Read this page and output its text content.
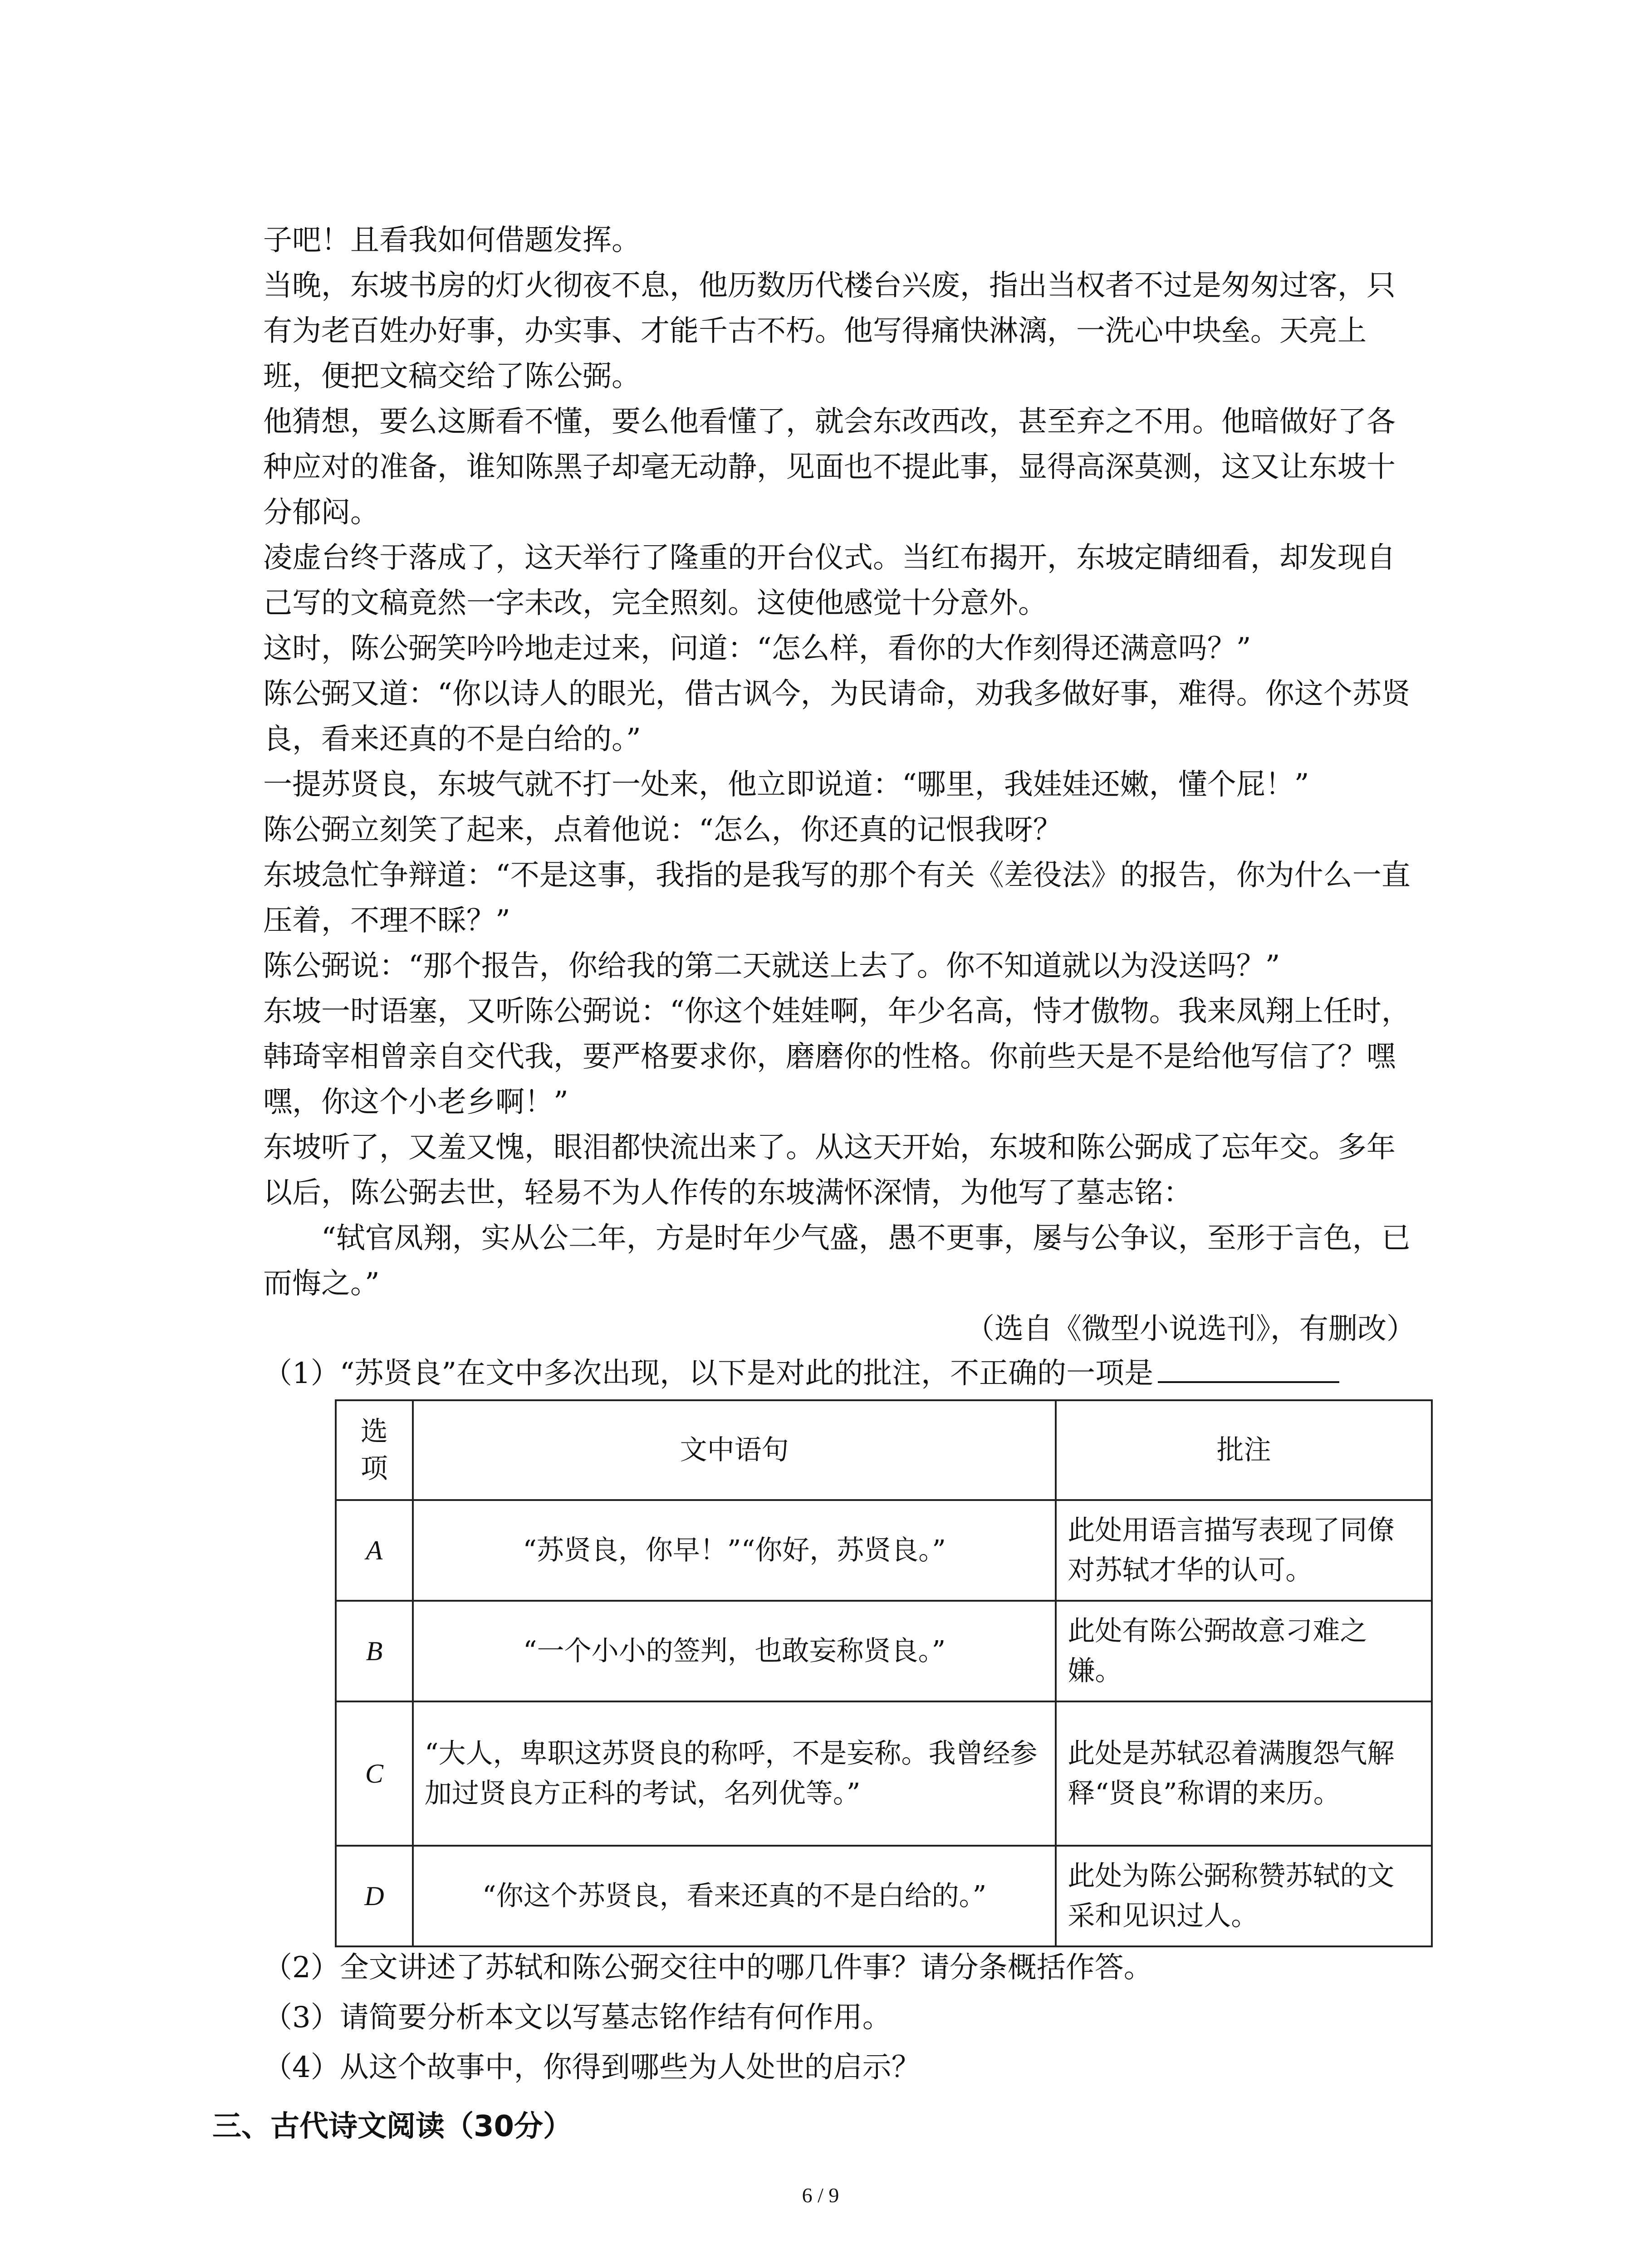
子吧！且看我如何借题发挥。

当晚，东坡书房的灯火彻夜不息，他历数历代楼台兴废，指出当权者不过是匆匆过客，只有为老百姓办好事，办实事、才能千古不朽。他写得痛快淋漓，一洗心中块垒。天亮上班，便把文稿交给了陈公弼。

他猜想，要么这厮看不懂，要么他看懂了，就会东改西改，甚至弃之不用。他暗做好了各种应对的准备，谁知陈黑子却毫无动静，见面也不提此事，显得高深莫测，这又让东坡十分郁闷。

凌虚台终于落成了，这天举行了隆重的开台仪式。当红布揭开，东坡定睛细看，却发现自己写的文稿竟然一字未改，完全照刻。这使他感觉十分意外。

这时，陈公弼笑吟吟地走过来，问道：“怎么样，看你的大作刻得还满意吗？”

陈公弼又道：“你以诗人的眼光，借古讽今，为民请命，劝我多做好事，难得。你这个苏贤良，看来还真的不是白给的。”

一提苏贤良，东坡气就不打一处来，他立即说道：“哪里，我娃娃还嫩，懂个屁！”

陈公弼立刻笑了起来，点着他说：“怎么，你还真的记恨我呀？

东坡急忙争辩道：“不是这事，我指的是我写的那个有关《差役法》的报告，你为什么一直压着，不理不睬？”

陈公弼说：“那个报告，你给我的第二天就送上去了。你不知道就以为没送吗？”

东坡一时语塞，又听陈公弼说：“你这个娃娃啊，年少名高，恃才傲物。我来凤翔上任时，韩琦宰相曾亲自交代我，要严格要求你，磨磨你的性格。你前些天是不是给他写信了？嘿嘿，你这个小老乡啊！”

东坡听了，又羞又愧，眼泪都快流出来了。从这天开始，东坡和陈公弼成了忘年交。多年以后，陈公弼去世，轻易不为人作传的东坡满怀深情，为他写了墓志铭：

“轼官凤翔，实从公二年，方是时年少气盛，愚不更事，屡与公争议，至形于言色，已而悔之。”

（选自《微型小说选刊》，有删改）

（1）“苏贤良”在文中多次出现，以下是对此的批注，不正确的一项是

选
项	文中语句	批注
A	“苏贤良，你早！”“你好，苏贤良。”	此处用语言描写表现了同僚对苏轼才华的认可。
B	“一个小小的签判，也敢妄称贤良。”	此处有陈公弼故意刁难之嫌。
C	“大人，卑职这苏贤良的称呼，不是妄称。我曾经参加过贤良方正科的考试，名列优等。”	此处是苏轼忍着满腹怨气解释“贤良”称谓的来历。
D	“你这个苏贤良，看来还真的不是白给的。”	此处为陈公弼称赞苏轼的文采和见识过人。

（2）全文讲述了苏轼和陈公弼交往中的哪几件事？请分条概括作答。

（3）请简要分析本文以写墓志铭作结有何作用。

（4）从这个故事中，你得到哪些为人处世的启示？

三、古代诗文阅读（30分）

6 / 9
